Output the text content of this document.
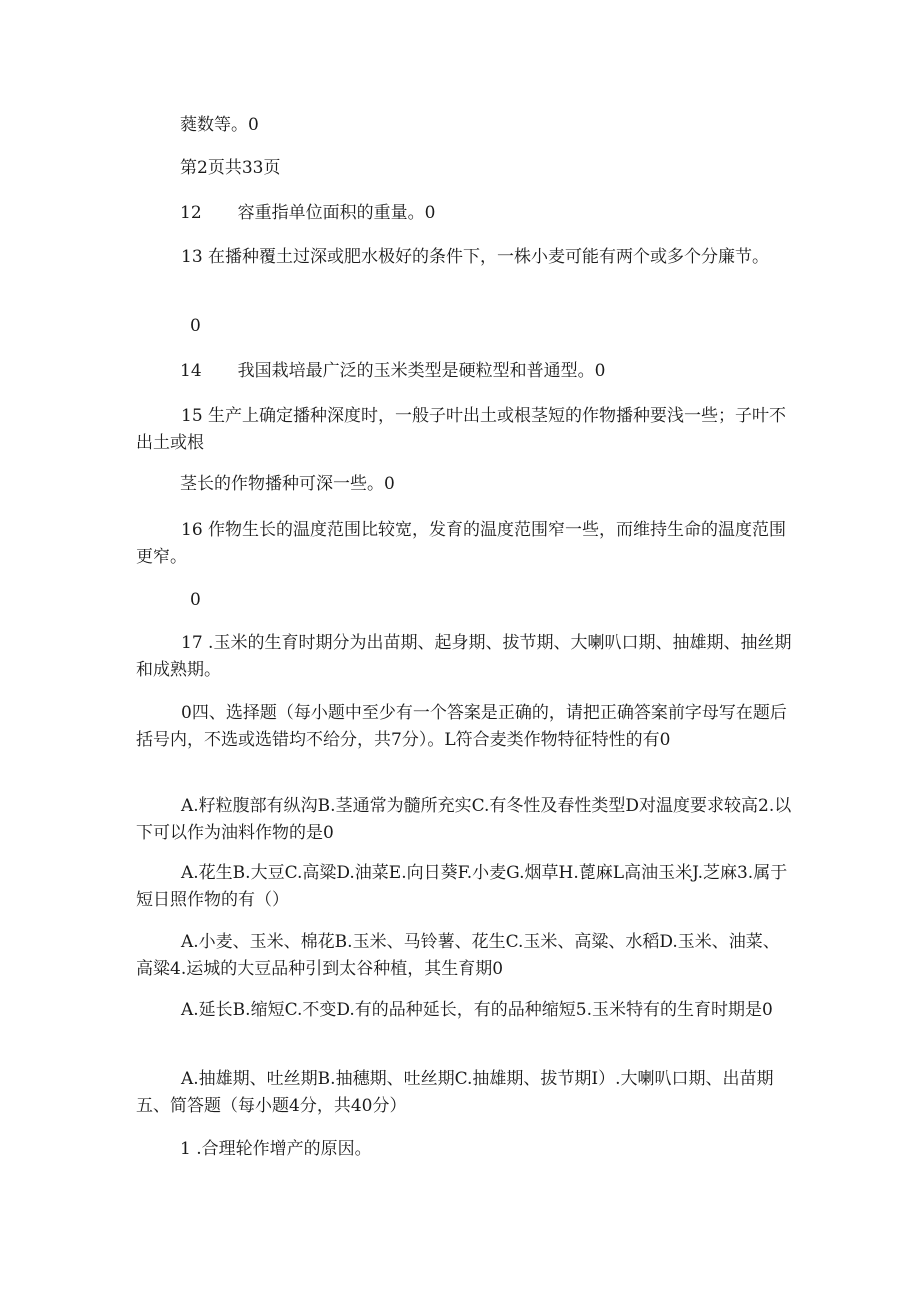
蕤数等。0

第2页共33页

12 容重指单位面积的重量。0

13 在播种覆土过深或肥水极好的条件下，一株小麦可能有两个或多个分廉节。

0

14 我国栽培最广泛的玉米类型是硬粒型和普通型。0

15 生产上确定播种深度时，一般子叶出土或根茎短的作物播种要浅一些；子叶不出土或根

茎长的作物播种可深一些。0

16 作物生长的温度范围比较宽，发育的温度范围窄一些，而维持生命的温度范围更窄。

0

17 .玉米的生育时期分为出苗期、起身期、拔节期、大喇叭口期、抽雄期、抽丝期和成熟期。

0四、选择题（每小题中至少有一个答案是正确的，请把正确答案前字母写在题后括号内，不选或选错均不给分，共7分）。L符合麦类作物特征特性的有0

A.籽粒腹部有纵沟B.茎通常为髓所充实C.有冬性及春性类型D对温度要求较高2.以下可以作为油料作物的是0

A.花生B.大豆C.高粱D.油菜E.向日葵F.小麦G.烟草H.蓖麻L高油玉米J.芝麻3.属于短日照作物的有（）

A.小麦、玉米、棉花B.玉米、马铃薯、花生C.玉米、高粱、水稻D.玉米、油菜、高粱4.运城的大豆品种引到太谷种植，其生育期0

A.延长B.缩短C.不变D.有的品种延长，有的品种缩短5.玉米特有的生育时期是0

A.抽雄期、吐丝期B.抽穗期、吐丝期C.抽雄期、拔节期I）.大喇叭口期、出苗期五、简答题（每小题4分，共40分）

1 .合理轮作增产的原因。
